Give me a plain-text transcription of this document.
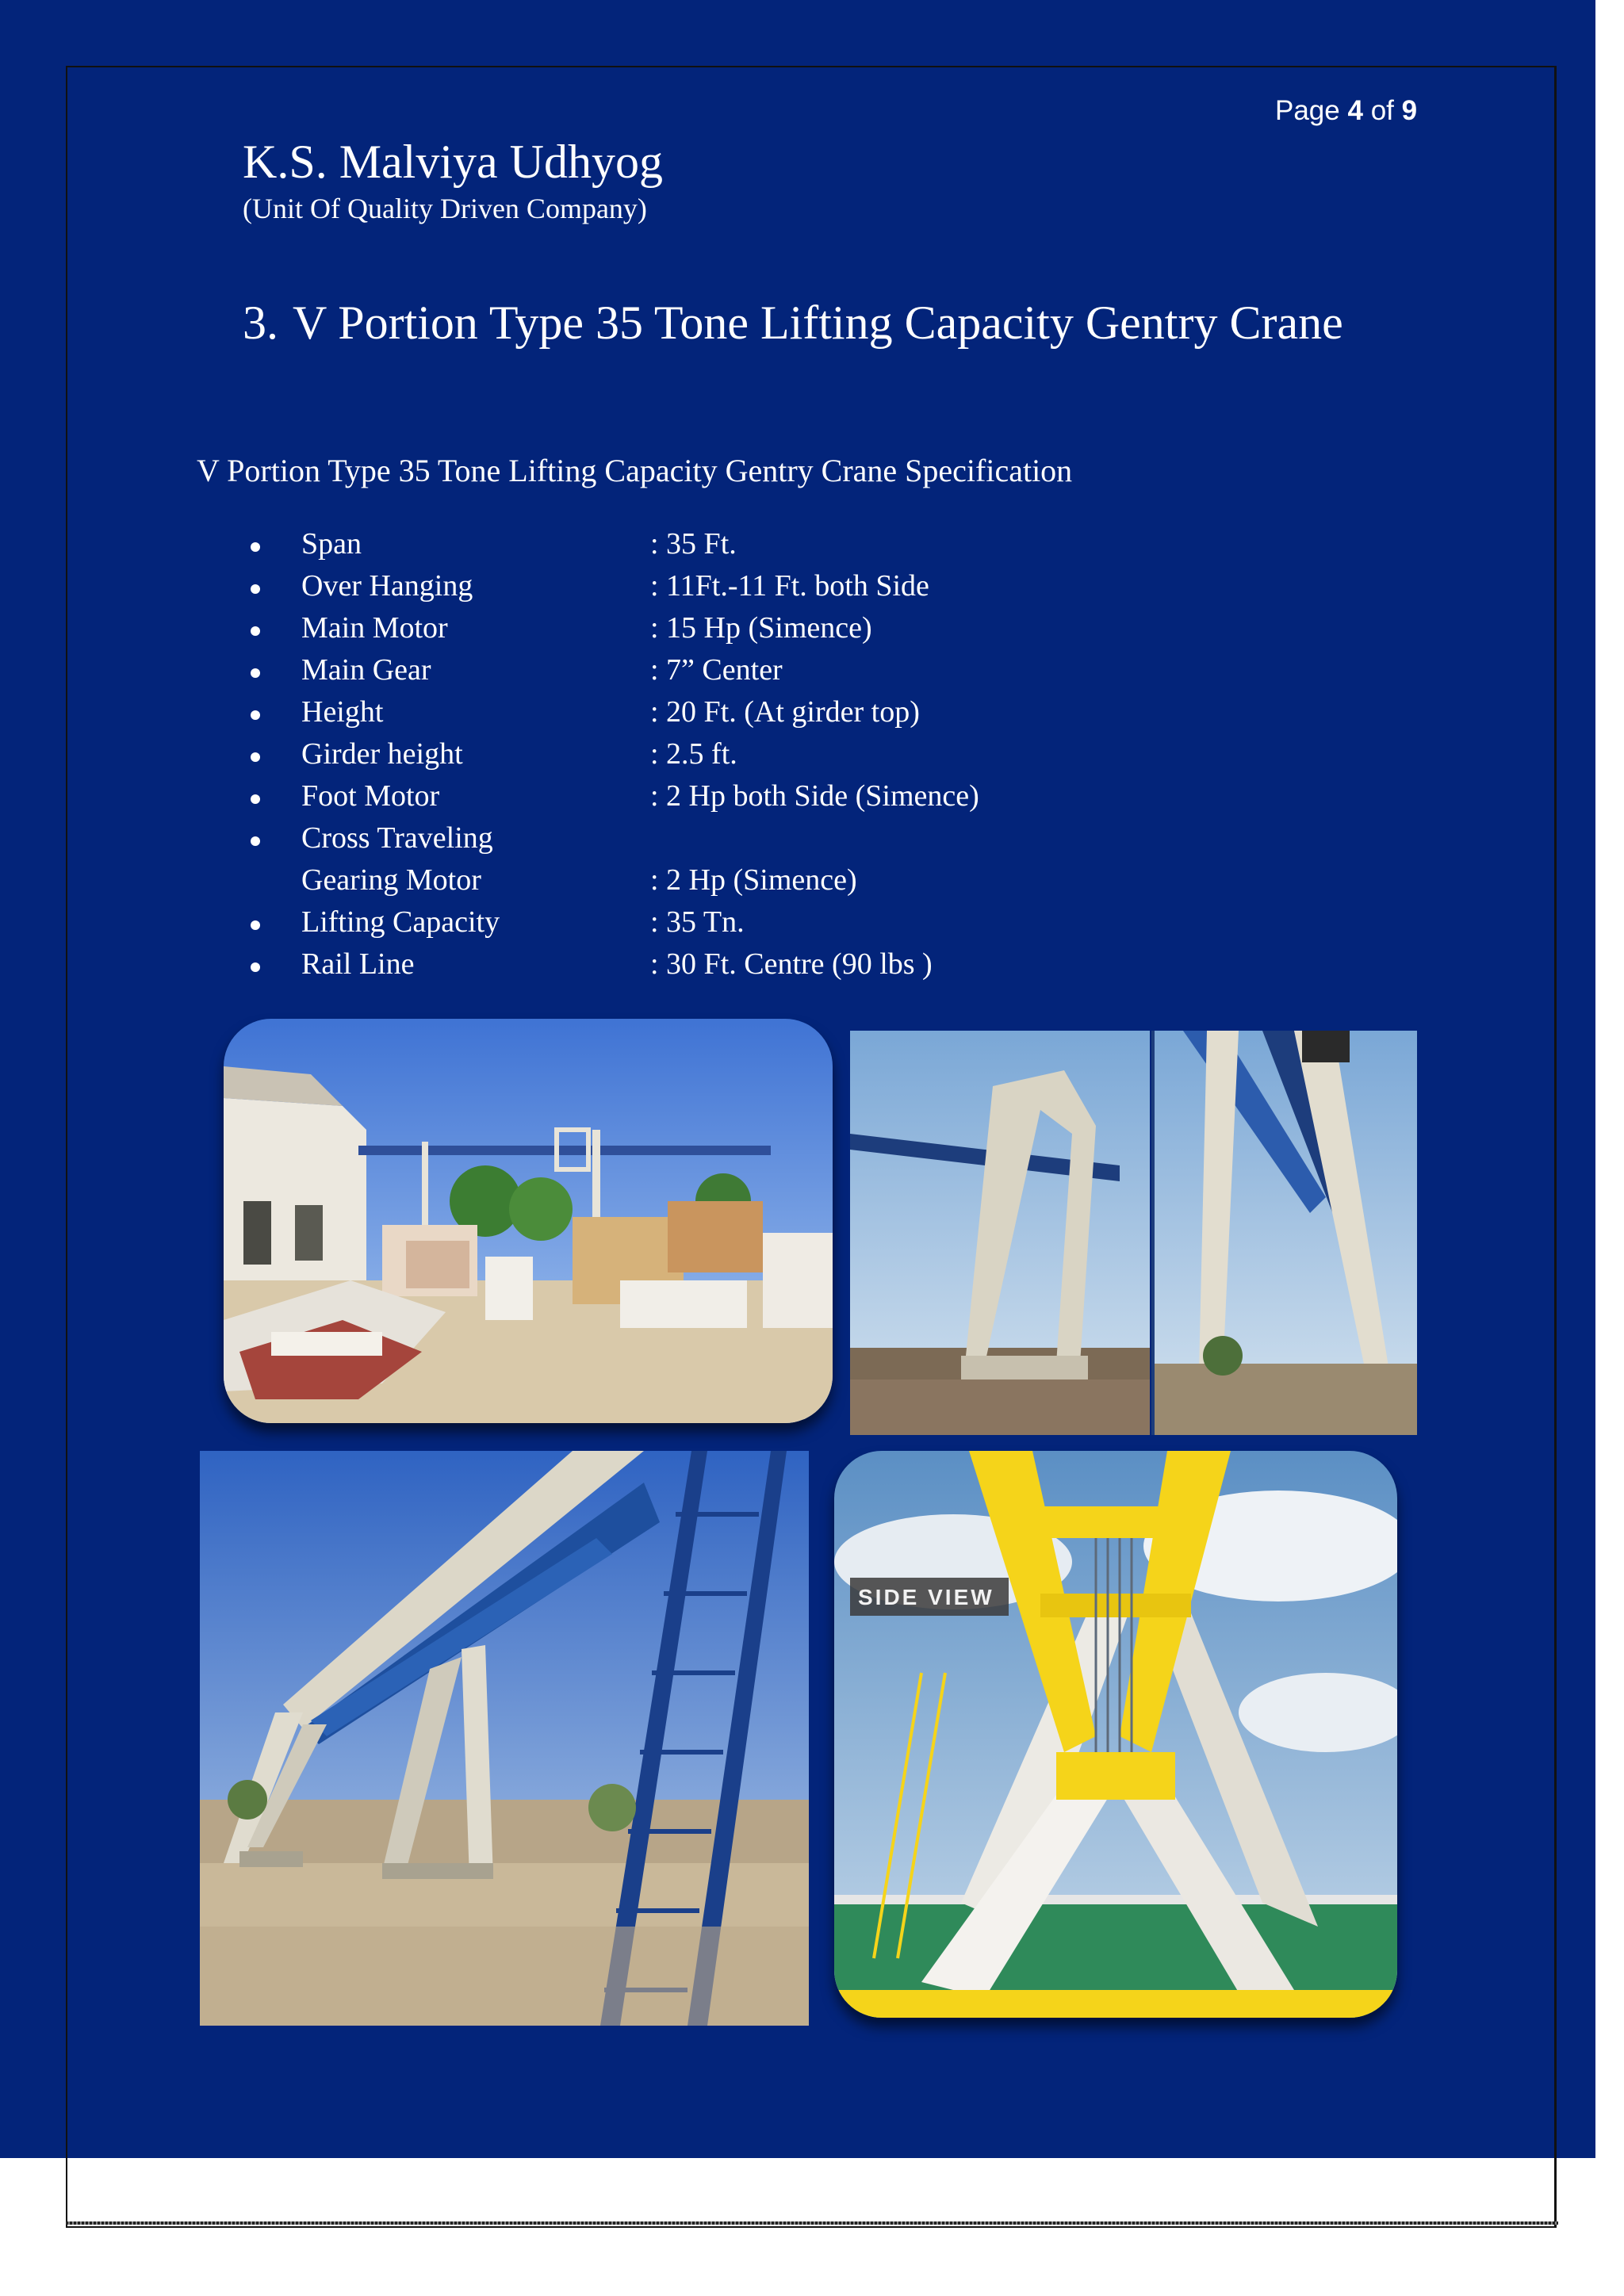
Page 4 of 9
K.S. Malviya Udhyog
(Unit Of Quality Driven Company)
3. V Portion Type 35 Tone Lifting Capacity Gentry Crane
V Portion Type 35 Tone Lifting Capacity Gentry Crane Specification
Span	: 35 Ft.
Over Hanging	: 11Ft.-11 Ft. both Side
Main Motor	: 15 Hp (Simence)
Main Gear	: 7” Center
Height	: 20 Ft. (At girder top)
Girder height	: 2.5 ft.
Foot Motor	: 2 Hp both Side (Simence)
Cross Traveling
Gearing Motor	: 2 Hp (Simence)
Lifting Capacity	: 35 Tn.
Rail Line	: 30 Ft. Centre (90 lbs )
SIDE VIEW
